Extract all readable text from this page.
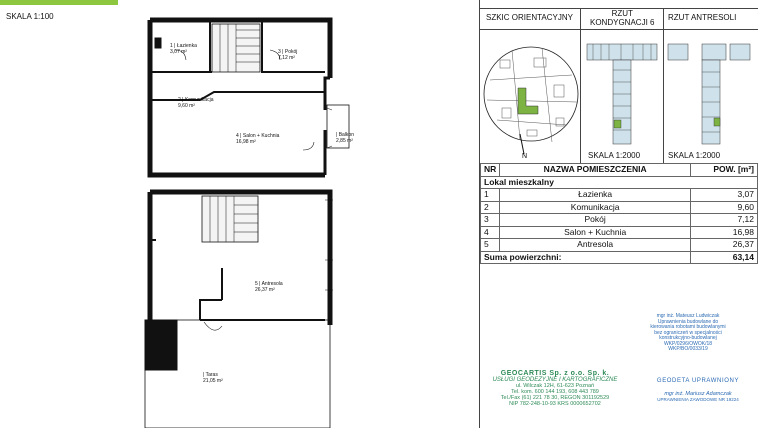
SKALA 1:100
1 | Łazienka
3,07 m²	3 | Pokój
7,12 m²
2 | Komunikacja
9,60 m²
4 | Salon + Kuchnia
16,98 m²
| Balkon
2,85 m²
5 | Antresola
26,37 m²
| Taras
21,05 m²
SZKIC ORIENTACYJNY	RZUT
KONDYGNACJI 6
RZUT ANTRESOLI
N	SKALA 1:2000	SKALA 1:2000
NR	NAZWA POMIESZCZENIA	POW. [m²]
Lokal mieszkalny		
1	Łazienka	3,07
2	Komunikacja	9,60
3	Pokój	7,12
4	Salon + Kuchnia	16,98
5	Antresola	26,37
Suma powierzchni:		63,14
mgr inż. Mateusz Ludwiczak
Uprawnienia budowlane do
kierowania robotami budowlanymi
bez ograniczeń w specjalności
konstrukcyjno-budowlanej
WKP/0296/OWOK/18
WKP/BO/0033/19
GEOCARTIS Sp. z o.o. Sp. k.
USŁUGI GEODEZYJNE I KARTOGRAFICZNE
ul. Wilczak 12H, 61-623 Poznań
Tel. kom. 600 144 193, 608 443 789
Tel./Fax (61) 221 78 30, REGON 301192529
NIP 782-248-10-93 KRS 0000652702
GEODETA UPRAWNIONY
mgr inż. Mariusz Adamczak
UPRAWNIENIA ZAWODOWE NR 19224
